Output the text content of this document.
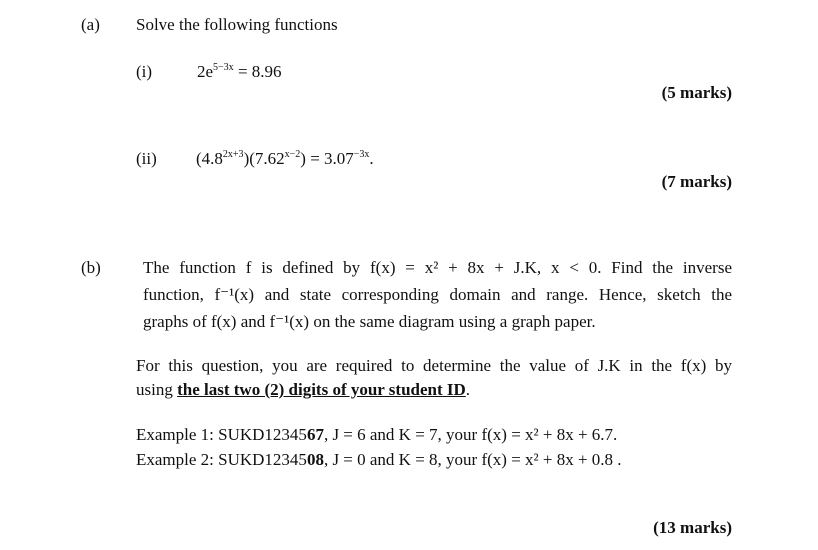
(a) Solve the following functions
(i)	$2e^{5-3x} = 8.96$
(5 marks)
(ii) $(4.8^{2x+3})(7.62^{x-2}) = 3.07^{-3x}$.
(7 marks)
(b) The function f is defined by f(x) = x² + 8x + J.K, x < 0. Find the inverse
function, f⁻¹(x) and state corresponding domain and range. Hence, sketch the
graphs of f(x) and f⁻¹(x) on the same diagram using a graph paper.
For this question, you are required to determine the value of J.K in the f(x) by
using the last two (2) digits of your student ID.
Example 1: SUKD1234567, J = 6 and K = 7, your f(x) = x² + 8x + 6.7.
Example 2: SUKD1234508, J = 0 and K = 8, your f(x) = x² + 8x + 0.8 .
(13 marks)
